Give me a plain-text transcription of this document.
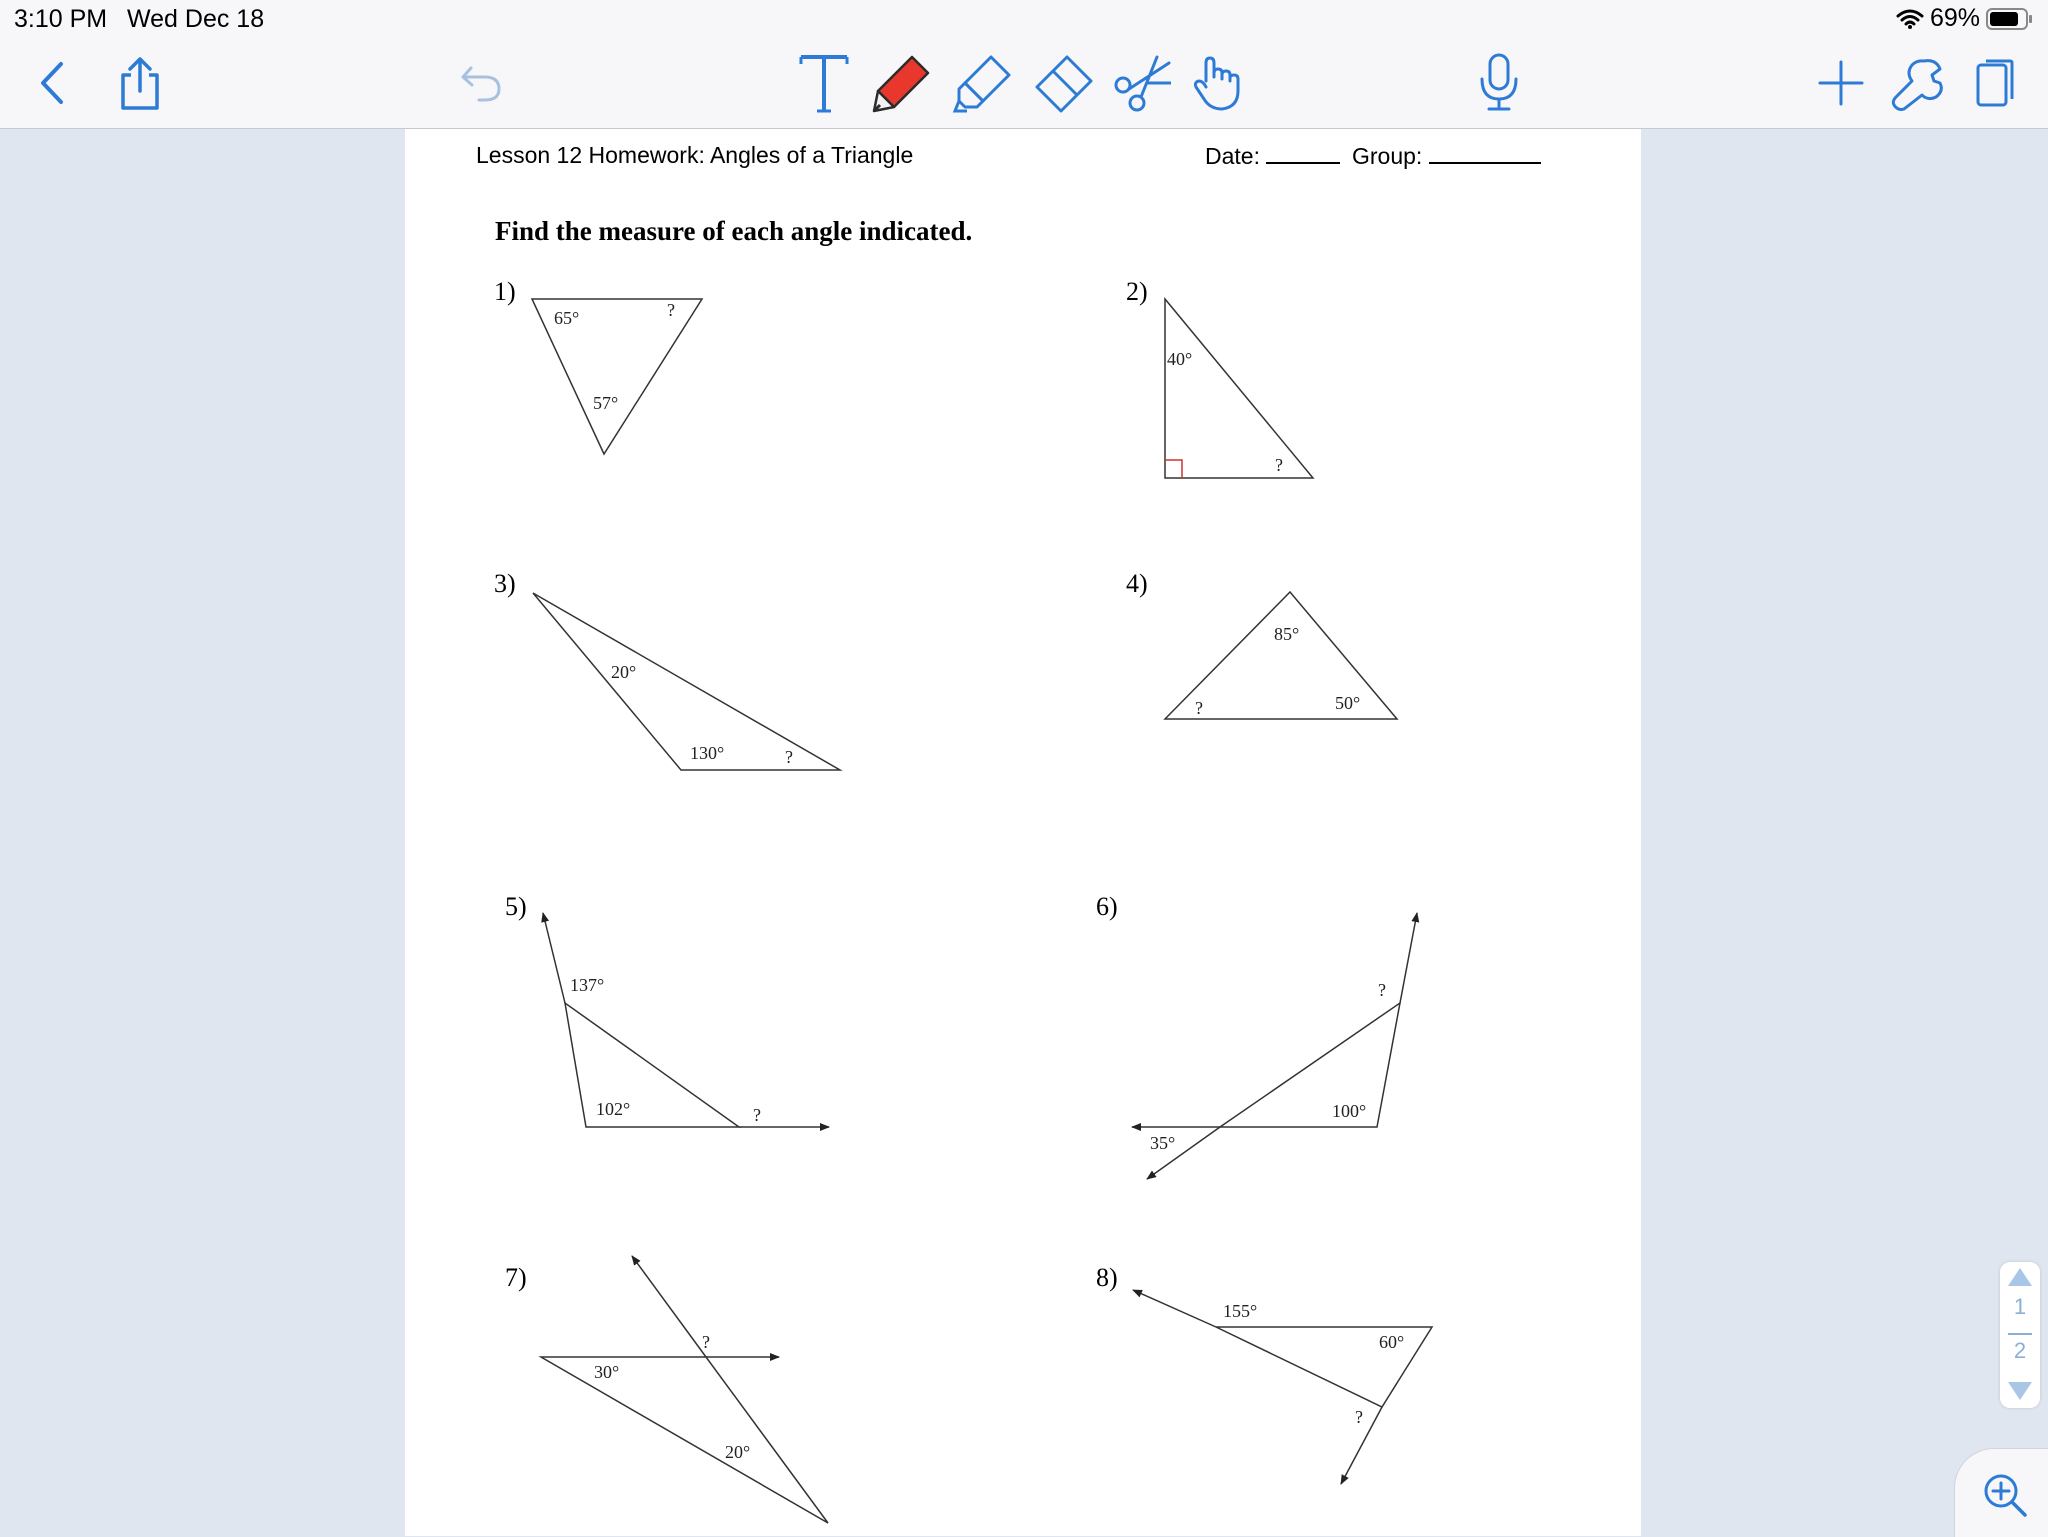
3:10 PM Wed Dec 18	69%
Lesson 12 Homework: Angles of a Triangle	Date:	Group:
Find the measure of each angle indicated.
1)	2)
3)	4)
5)	6)
7)	8)
65°	?
57°
40°
?
20°
130°	?
85°
?	50°
137°
102°	?
?
100°
35°
?
30°
20°
155°
60°
?
1
2
